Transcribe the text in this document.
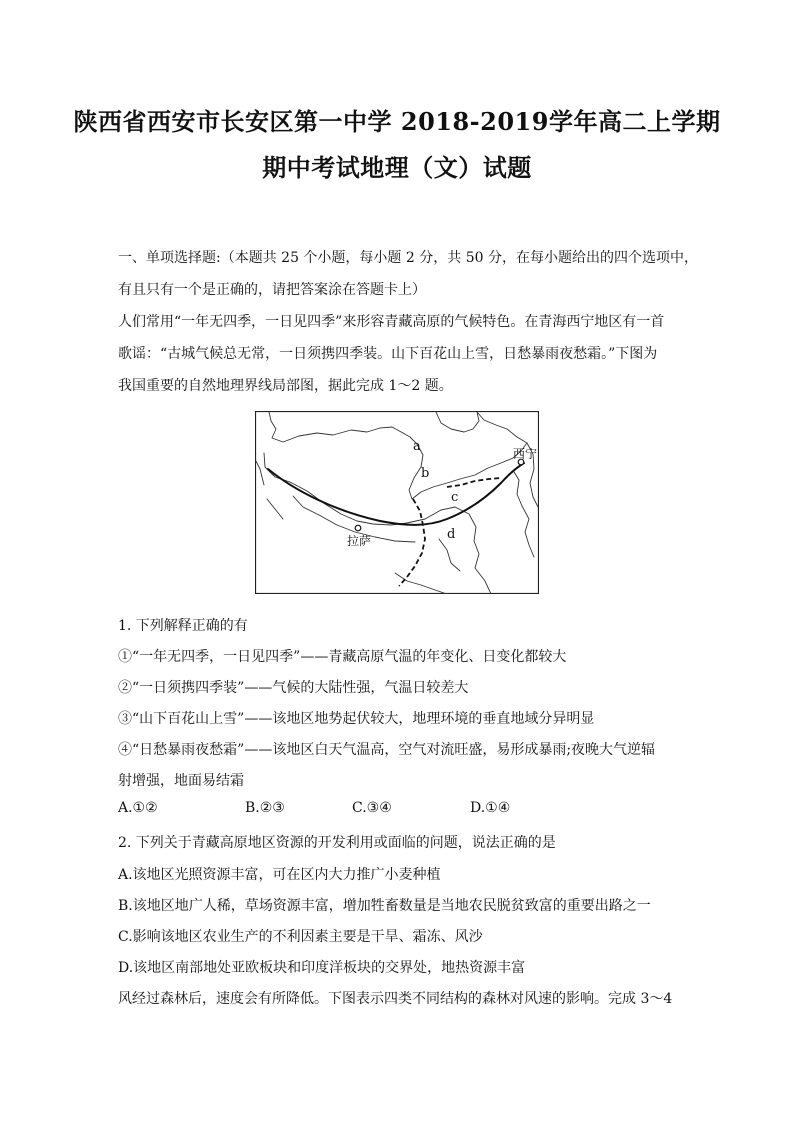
陕西省西安市长安区第一中学 2018-2019学年高二上学期
期中考试地理（文）试题
一、单项选择题:（本题共 25 个小题，每小题 2 分，共 50 分，在每小题给出的四个选项中，
有且只有一个是正确的，请把答案涂在答题卡上）
人们常用“一年无四季，一日见四季”来形容青藏高原的气候特色。在青海西宁地区有一首
歌谣：“古城气候总无常，一日须携四季装。山下百花山上雪，日愁暴雨夜愁霜。”下图为
我国重要的自然地理界线局部图，据此完成 1～2 题。
a
b
c
d
西宁
拉萨
1. 下列解释正确的有
①“一年无四季，一日见四季”——青藏高原气温的年变化、日变化都较大
②“一日须携四季装”——气候的大陆性强，气温日较差大
③“山下百花山上雪”——该地区地势起伏较大，地理环境的垂直地域分异明显
④“日愁暴雨夜愁霜”——该地区白天气温高，空气对流旺盛，易形成暴雨;夜晚大气逆辐
射增强，地面易结霜
A.①②	B.②③	C.③④	D.①④
2. 下列关于青藏高原地区资源的开发利用或面临的问题，说法正确的是
A.该地区光照资源丰富，可在区内大力推广小麦种植
B.该地区地广人稀，草场资源丰富，增加牲畜数量是当地农民脱贫致富的重要出路之一
C.影响该地区农业生产的不利因素主要是干旱、霜冻、风沙
D.该地区南部地处亚欧板块和印度洋板块的交界处，地热资源丰富
风经过森林后，速度会有所降低。下图表示四类不同结构的森林对风速的影响。完成 3～4
